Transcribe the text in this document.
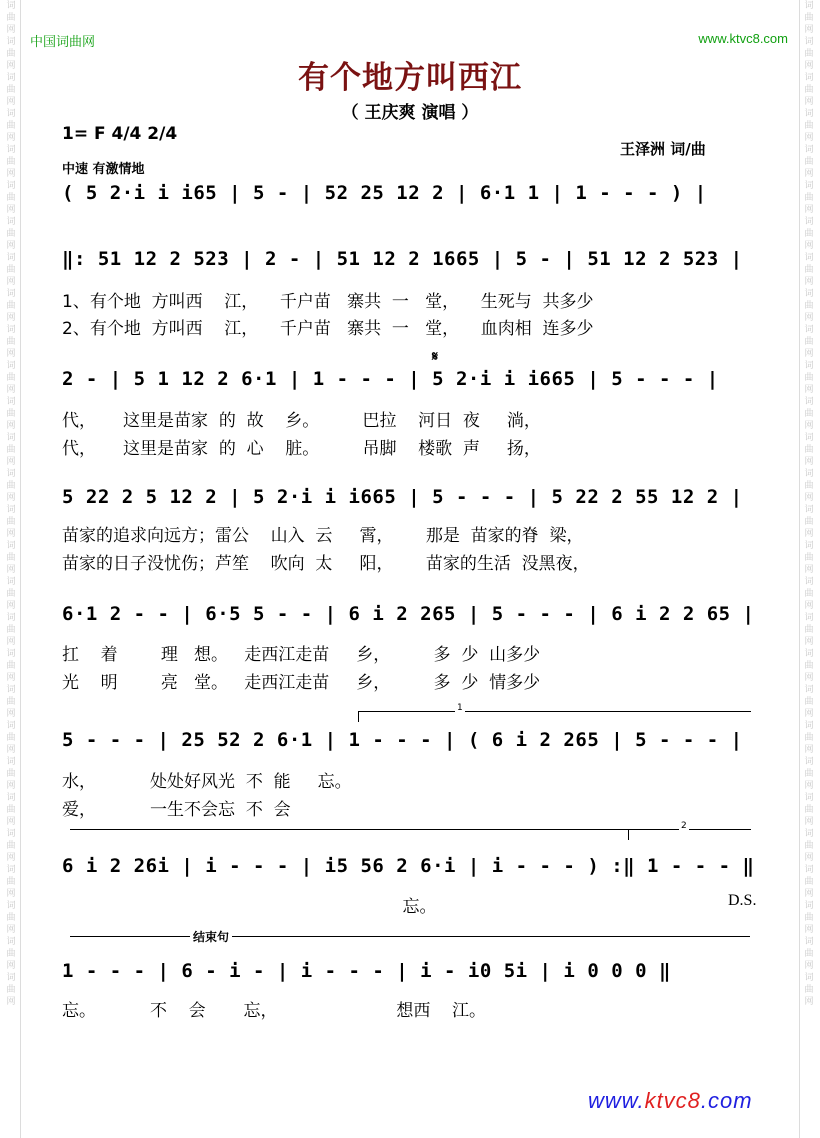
词曲网词曲网词曲网词曲网词曲网词曲网词曲网词曲网词曲网词曲网词曲网词曲网词曲网词曲网词曲网词曲网词曲网词曲网词曲网词曲网词曲网词曲网词曲网词曲网词曲网词曲网词曲网词曲网
词曲网词曲网词曲网词曲网词曲网词曲网词曲网词曲网词曲网词曲网词曲网词曲网词曲网词曲网词曲网词曲网词曲网词曲网词曲网词曲网词曲网词曲网词曲网词曲网词曲网词曲网词曲网词曲网
中国词曲网	www.ktvc8.com
有个地方叫西江
（ 王庆爽 演唱 ）
1= F 4/4 2/4
中速 有激情地
王泽洲 词/曲
( 5 2·i i i65 | 5 - | 52 25 12 2 | 6·1 1 | 1 - - - ) |
‖: 51 12 2 523 | 2 - | 51 12 2 1665 | 5 - | 51 12 2 523 |
1、有个地  方叫西    江，    千户苗   寨共  一   堂，    生死与  共多少
2、有个地  方叫西    江，    千户苗   寨共  一   堂，    血肉相  连多少
𝄋
2 - | 5 1 12 2 6·1 | 1 - - - | 5 2·i i i665 | 5 - - - |
代，     这里是苗家  的  故    乡。        巴拉    河日  夜     淌，
代，     这里是苗家  的  心    脏。        吊脚    楼歌  声     扬，
5 22 2 5 12 2 | 5 2·i i i665 | 5 - - - | 5 22 2 55 12 2 |
苗家的追求向远方；雷公    山入  云     霄，      那是  苗家的脊  梁，
苗家的日子没忧伤；芦笙    吹向  太     阳，      苗家的生活  没黑夜，
6·1 2 - - | 6·5 5 - - | 6 i 2 265 | 5 - - - | 6 i 2 2 65 |
扛    着        理   想。   走西江走苗     乡，        多  少  山多少
光    明        亮   堂。   走西江走苗     乡，        多  少  情多少
1
5 - - - | 25 52 2 6·1 | 1 - - - | ( 6 i 2 265 | 5 - - - |
水，          处处好风光  不  能     忘。
爱，          一生不会忘  不  会
2
6 i 2 26i | i - - - | i5 56 2 6·i | i - - - ) :‖ 1 - - - ‖
忘。	D.S.
结束句
1 - - - | 6 - i - | i - - - | i - i0 5i | i 0 0 0 ‖
忘。          不    会       忘，                      想西    江。
www.ktvc8.com
